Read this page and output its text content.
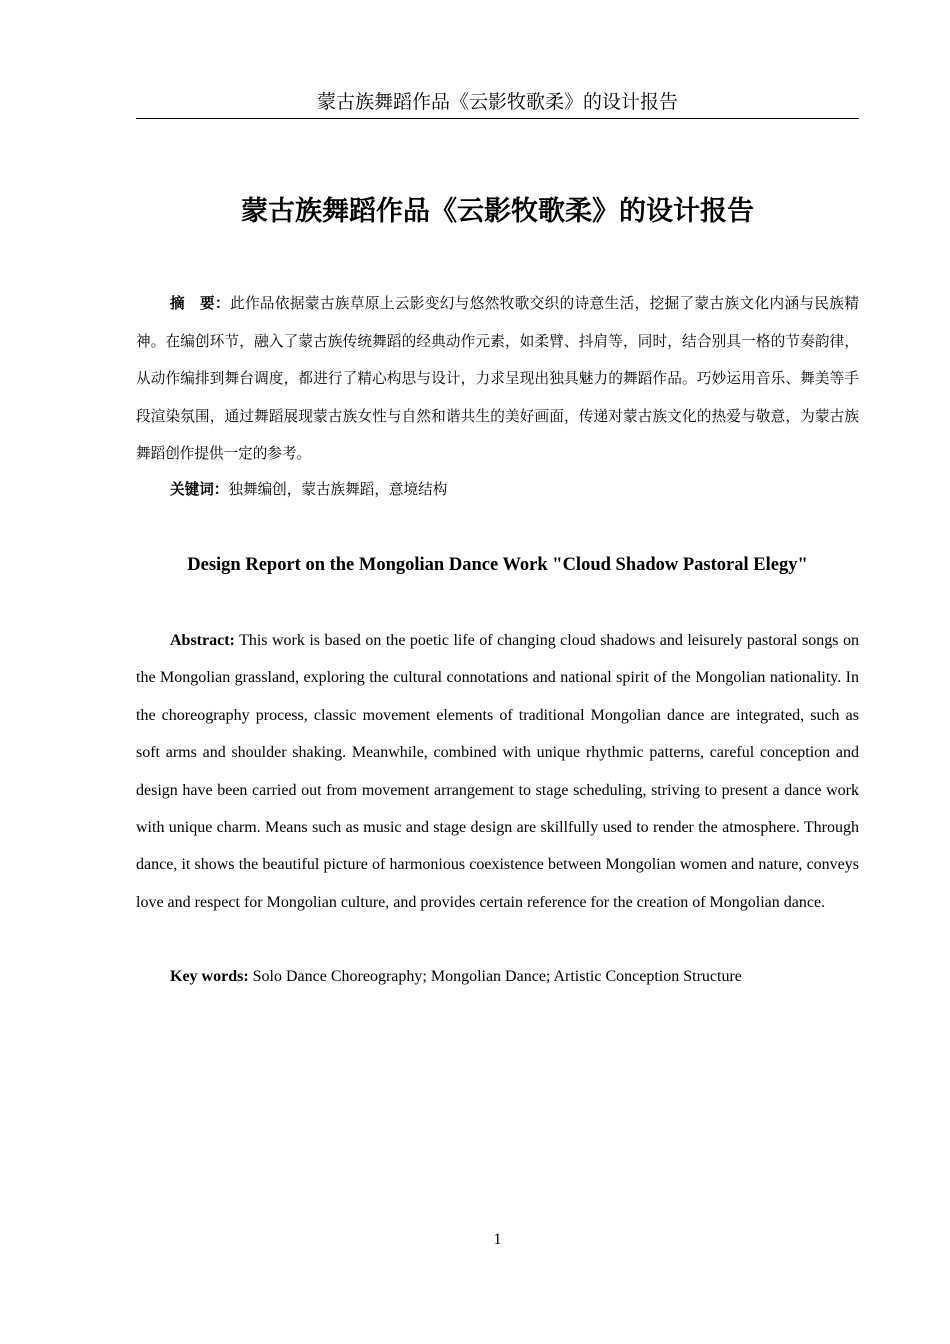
蒙古族舞蹈作品《云影牧歌柔》的设计报告
蒙古族舞蹈作品《云影牧歌柔》的设计报告

摘　要：此作品依据蒙古族草原上云影变幻与悠然牧歌交织的诗意生活，挖掘了蒙古族文化内涵与民族精神。在编创环节，融入了蒙古族传统舞蹈的经典动作元素，如柔臂、抖肩等，同时，结合别具一格的节奏韵律，从动作编排到舞台调度，都进行了精心构思与设计，力求呈现出独具魅力的舞蹈作品。巧妙运用音乐、舞美等手段渲染氛围，通过舞蹈展现蒙古族女性与自然和谐共生的美好画面，传递对蒙古族文化的热爱与敬意，为蒙古族舞蹈创作提供一定的参考。

关键词：独舞编创，蒙古族舞蹈，意境结构

Design Report on the Mongolian Dance Work "Cloud Shadow Pastoral Elegy"

Abstract: This work is based on the poetic life of changing cloud shadows and leisurely pastoral songs on the Mongolian grassland, exploring the cultural connotations and national spirit of the Mongolian nationality. In the choreography process, classic movement elements of traditional Mongolian dance are integrated, such as soft arms and shoulder shaking. Meanwhile, combined with unique rhythmic patterns, careful conception and design have been carried out from movement arrangement to stage scheduling, striving to present a dance work with unique charm. Means such as music and stage design are skillfully used to render the atmosphere. Through dance, it shows the beautiful picture of harmonious coexistence between Mongolian women and nature, conveys love and respect for Mongolian culture, and provides certain reference for the creation of Mongolian dance.

Key words: Solo Dance Choreography; Mongolian Dance; Artistic Conception Structure

1
